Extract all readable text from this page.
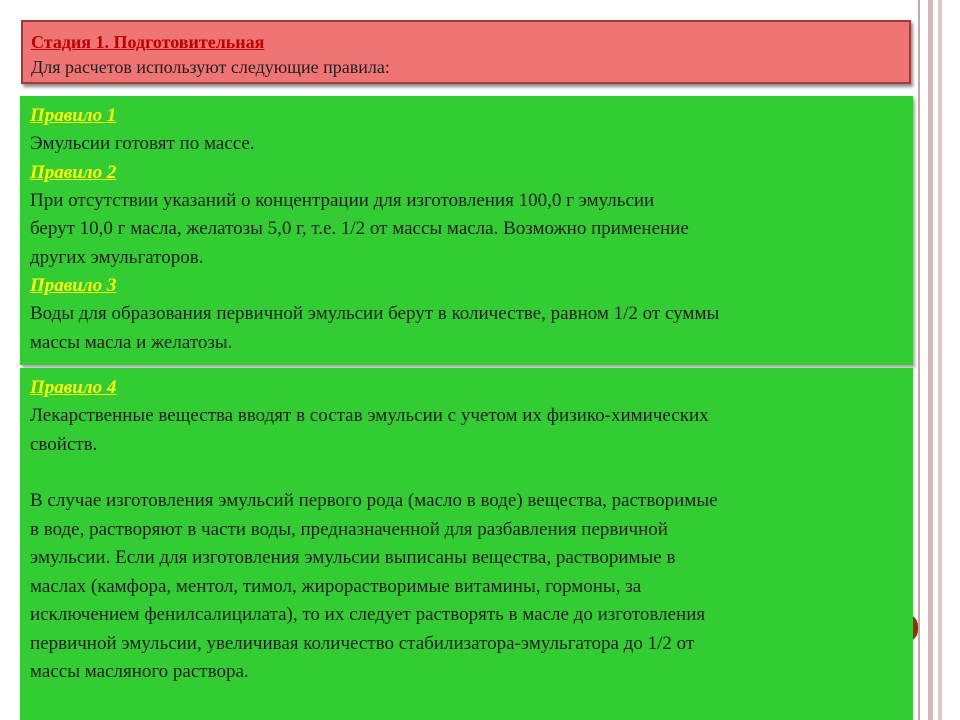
Стадия 1. Подготовительная

Для расчетов используют следующие правила:

Правило 1

Эмульсии готовят по массе.

Правило 2

При отсутствии указаний о концентрации для изготовления 100,0 г эмульсии

берут 10,0 г масла, желатозы 5,0 г, т.е. 1/2 от массы масла. Возможно применение

других эмульгаторов.

Правило 3

Воды для образования первичной эмульсии берут в количестве, равном 1/2 от суммы

массы масла и желатозы.

Правило 4

Лекарственные вещества вводят в состав эмульсии с учетом их физико-химических

свойств.

В случае изготовления эмульсий первого рода (масло в воде) вещества, растворимые

в воде, растворяют в части воды, предназначенной для разбавления первичной

эмульсии. Если для изготовления эмульсии выписаны вещества, растворимые в

маслах (камфора, ментол, тимол, жирорастворимые витамины, гормоны, за

исключением фенилсалицилата), то их следует растворять в масле до изготовления

первичной эмульсии, увеличивая количество стабилизатора-эмульгатора до 1/2 от

массы масляного раствора.
